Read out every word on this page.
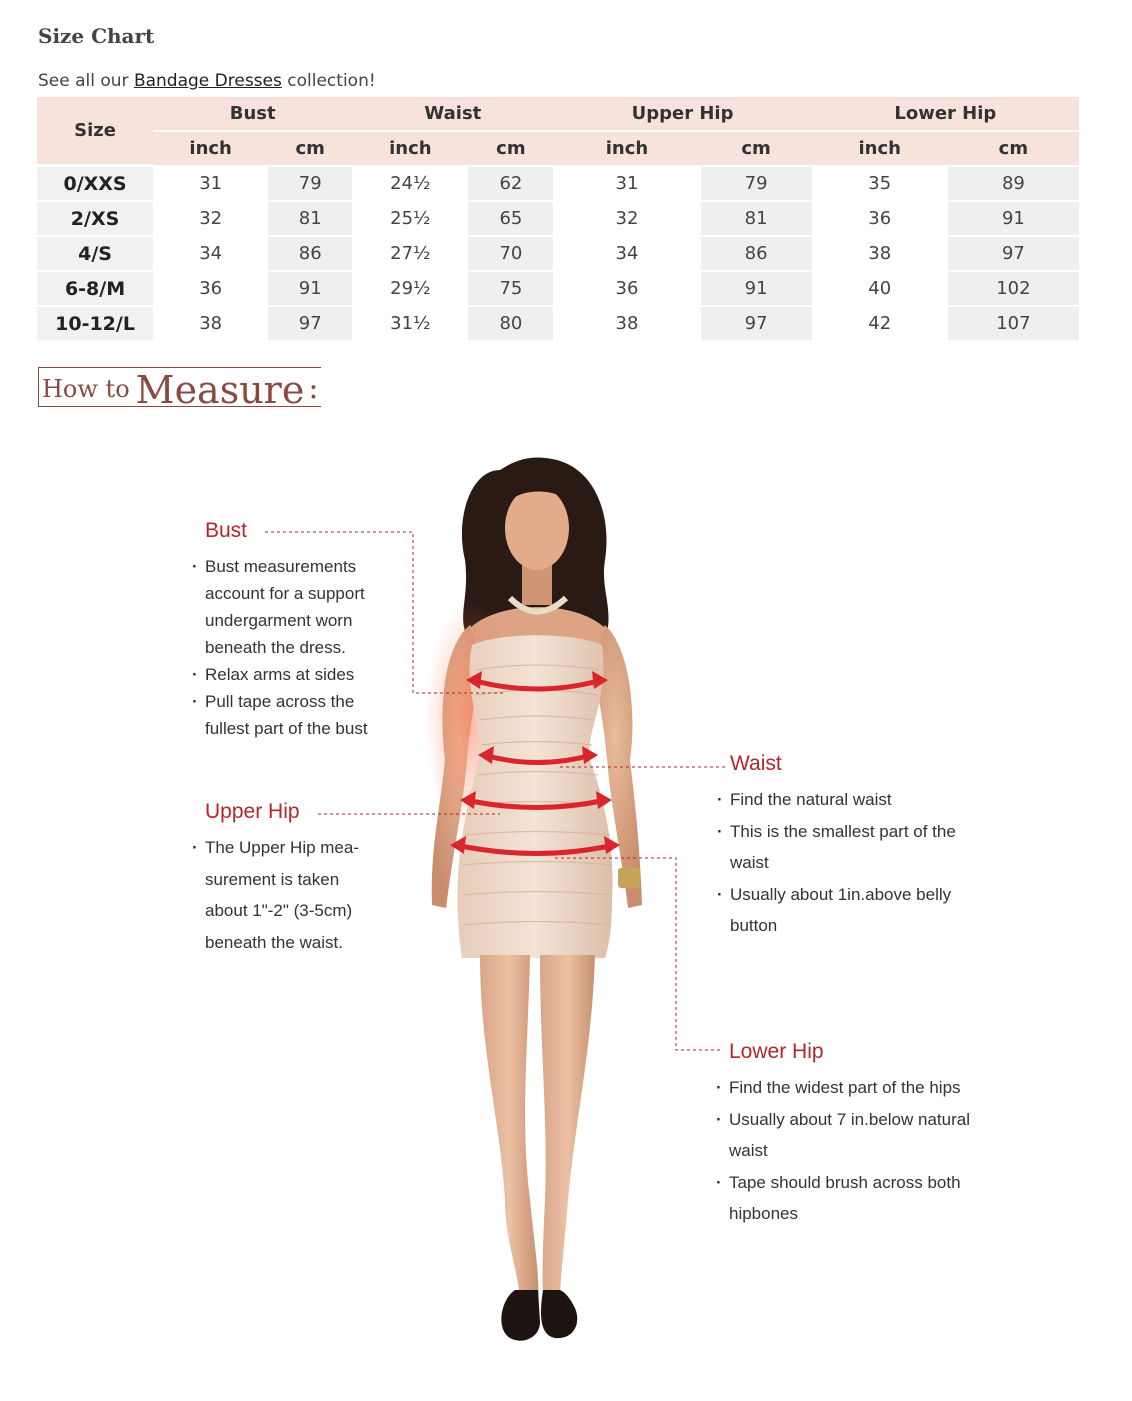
Size Chart
See all our Bandage Dresses collection!
Size	Bust		Waist		Upper Hip		Lower Hip	
	inch	cm	inch	cm	inch	cm	inch	cm
0/XXS	31	79	24½	62	31	79	35	89
2/XS	32	81	25½	65	32	81	36	91
4/S	34	86	27½	70	34	86	38	97
6-8/M	36	91	29½	75	36	91	40	102
10-12/L	38	97	31½	80	38	97	42	107
How to Measure :
Bust
· Bust measurements account for a support undergarment worn beneath the dress.
· Relax arms at sides
· Pull tape across the fullest part of the bust
Upper Hip
· The Upper Hip mea-surement is taken about 1"-2" (3-5cm) beneath the waist.
Waist
· Find the natural waist
· This is the smallest part of the waist
· Usually about 1in.above belly button
Lower Hip
· Find the widest part of the hips
· Usually about 7 in.below natural waist
· Tape should brush across both hipbones
